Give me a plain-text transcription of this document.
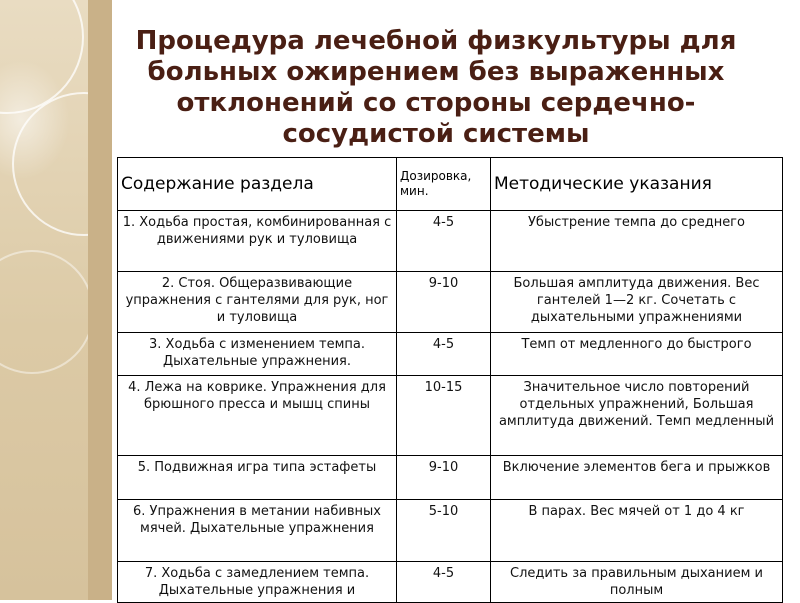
Процедура лечебной физкультуры для больных ожирением без выраженных отклонений со стороны сердечно-сосудистой системы
Содержание раздела	Дозировка, мин.	Методические указания
1. Ходьба простая, комбинированная с движениями рук и туловища	4-5	Убыстрение темпа до среднего
2. Стоя. Общеразвивающие упражнения с гантелями для рук, ног и туловища	9-10	Большая амплитуда движения. Вес гантелей 1—2 кг. Сочетать с дыхательными упражнениями
3. Ходьба с изменением темпа. Дыхательные упражнения.	4-5	Темп от медленного до быстрого
4. Лежа на коврике. Упражнения для брюшного пресса и мышц спины	10-15	Значительное число повторений отдельных упражнений, Большая амплитуда движений. Темп медленный
5. Подвижная игра типа эстафеты	9-10	Включение элементов бега и прыжков
6. Упражнения в метании набивных мячей. Дыхательные упражнения	5-10	В парах. Вес мячей от 1 до 4 кг
7. Ходьба с замедлением темпа. Дыхательные упражнения и	4-5	Следить за правильным дыханием и полным
